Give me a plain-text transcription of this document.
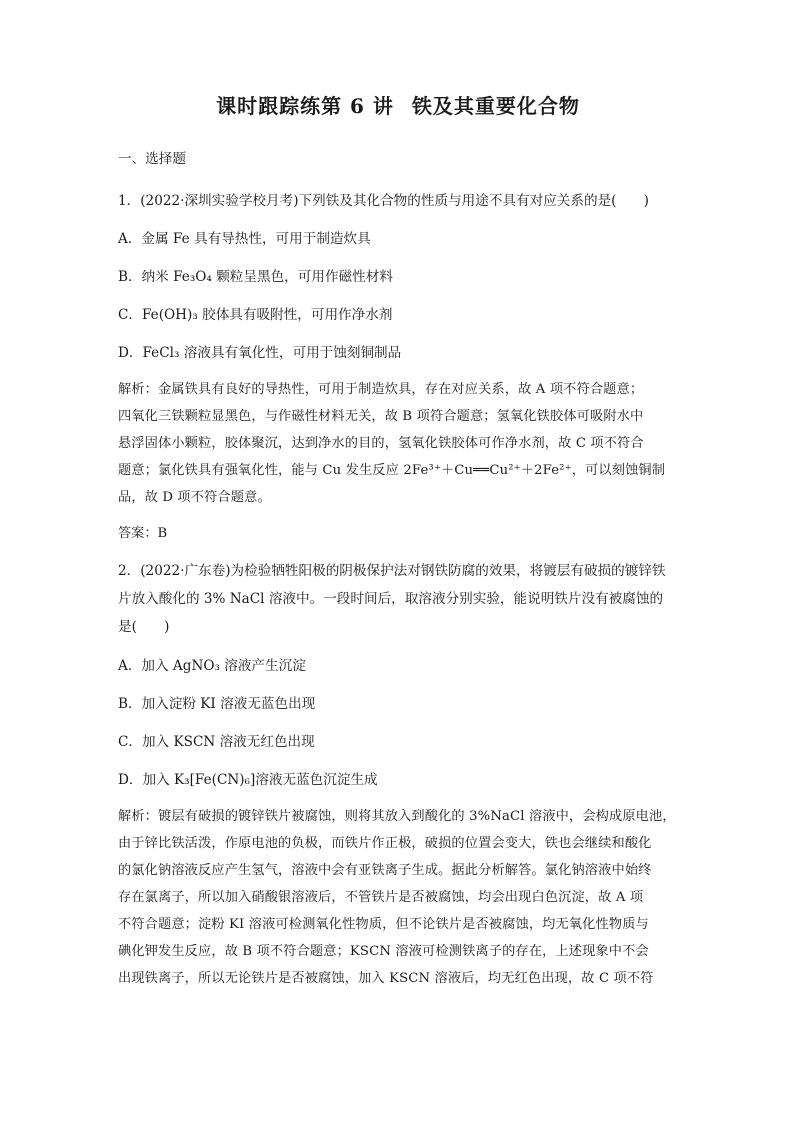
课时跟踪练第 6 讲 铁及其重要化合物
一、选择题

1．(2022·深圳实验学校月考)下列铁及其化合物的性质与用途不具有对应关系的是(　　)

A．金属 Fe 具有导热性，可用于制造炊具

B．纳米 Fe₃O₄ 颗粒呈黑色，可用作磁性材料

C．Fe(OH)₃ 胶体具有吸附性，可用作净水剂

D．FeCl₃ 溶液具有氧化性，可用于蚀刻铜制品

解析：金属铁具有良好的导热性，可用于制造炊具，存在对应关系，故 A 项不符合题意；
四氧化三铁颗粒显黑色，与作磁性材料无关，故 B 项符合题意；氢氧化铁胶体可吸附水中
悬浮固体小颗粒，胶体聚沉，达到净水的目的，氢氧化铁胶体可作净水剂，故 C 项不符合
题意；氯化铁具有强氧化性，能与 Cu 发生反应 2Fe³⁺＋Cu══Cu²⁺＋2Fe²⁺，可以刻蚀铜制
品，故 D 项不符合题意。
答案：B
2．(2022·广东卷)为检验牺牲阳极的阴极保护法对钢铁防腐的效果，将镀层有破损的镀锌铁
片放入酸化的 3% NaCl 溶液中。一段时间后，取溶液分别实验，能说明铁片没有被腐蚀的
是(　　)

A．加入 AgNO₃ 溶液产生沉淀

B．加入淀粉 KI 溶液无蓝色出现

C．加入 KSCN 溶液无红色出现

D．加入 K₃[Fe(CN)₆]溶液无蓝色沉淀生成

解析：镀层有破损的镀锌铁片被腐蚀，则将其放入到酸化的 3%NaCl 溶液中，会构成原电池，
由于锌比铁活泼，作原电池的负极，而铁片作正极，破损的位置会变大，铁也会继续和酸化
的氯化钠溶液反应产生氢气，溶液中会有亚铁离子生成。据此分析解答。氯化钠溶液中始终
存在氯离子，所以加入硝酸银溶液后，不管铁片是否被腐蚀，均会出现白色沉淀，故 A 项
不符合题意；淀粉 KI 溶液可检测氧化性物质，但不论铁片是否被腐蚀，均无氧化性物质与
碘化钾发生反应，故 B 项不符合题意；KSCN 溶液可检测铁离子的存在，上述现象中不会
出现铁离子，所以无论铁片是否被腐蚀，加入 KSCN 溶液后，均无红色出现，故 C 项不符
